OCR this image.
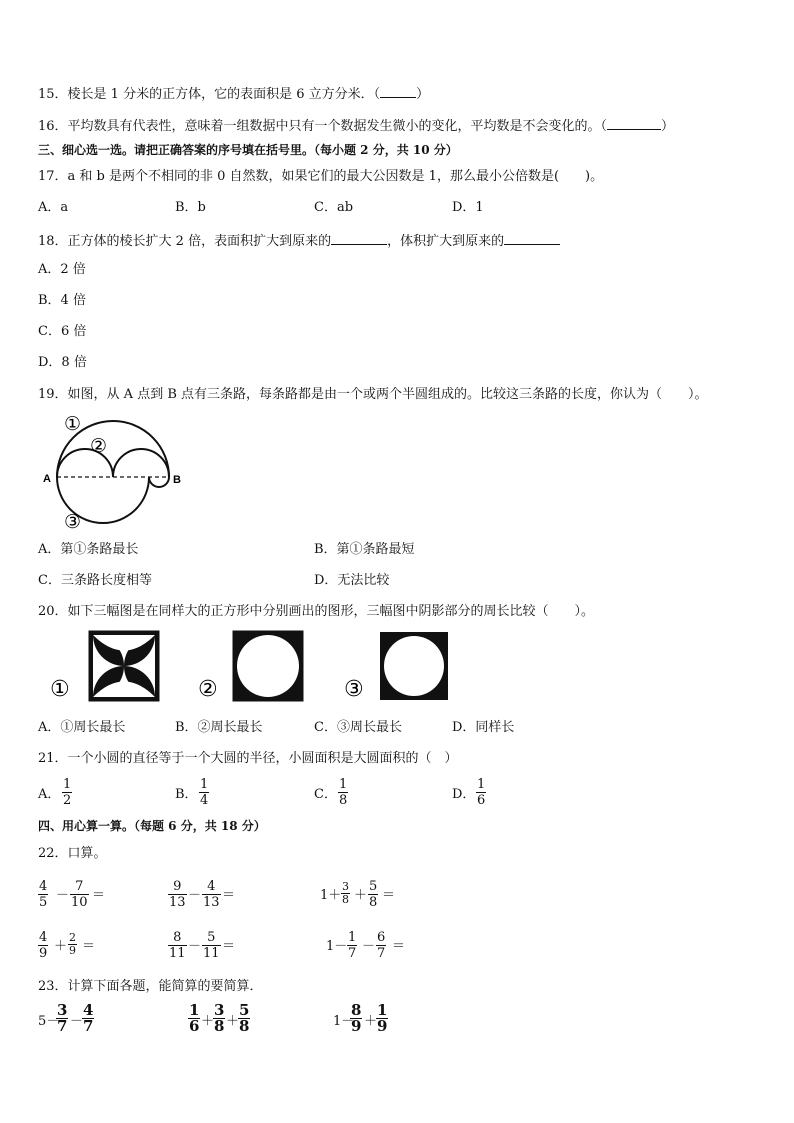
15．棱长是 1 分米的正方体，它的表面积是 6 立方分米．（	）
16．平均数具有代表性，意味着一组数据中只有一个数据发生微小的变化，平均数是不会变化的。（	）
三、细心选一选。请把正确答案的序号填在括号里。（每小题 2 分，共 10 分）
17．a 和 b 是两个不相同的非 0 自然数，如果它们的最大公因数是 1，那么最小公倍数是(　　)。
A．a	B．b	C．ab	D．1
18．正方体的棱长扩大 2 倍，表面积扩大到原来的	，体积扩大到原来的
A．2 倍
B．4 倍
C．6 倍
D．8 倍
19．如图，从 A 点到 B 点有三条路，每条路都是由一个或两个半圆组成的。比较这三条路的长度，你认为（　　）。
A	B
①
②
③
A．第①条路最长	B．第①条路最短
C．三条路长度相等	D．无法比较
20．如下三幅图是在同样大的正方形中分别画出的图形，三幅图中阴影部分的周长比较（　　）。
①	②	③
A．①周长最长	B．②周长最长	C．③周长最长	D．同样长
21．一个小圆的直径等于一个大圆的半径，小圆面积是大圆面积的（　）
A． $\frac{1}{2}$	B． $\frac{1}{4}$	C． $\frac{1}{8}$	D． $\frac{1}{6}$
四、用心算一算。（每题 6 分，共 18 分）
22．口算。
$\frac{4}{5} - \frac{7}{10}$ ＝	$\frac{9}{13} - \frac{4}{13}$ ＝	$1+ \frac{3}{8} + \frac{5}{8}$ ＝
$\frac{4}{9} + \frac{2}{9}$ ＝	$\frac{8}{11} - \frac{5}{11}$ ＝	$1- \frac{1}{7} - \frac{6}{7}$ ＝
23．计算下面各题，能简算的要简算．
5－
$\frac{3}{7}$ －
$\frac{4}{7}$	$\frac{1}{6}$ ＋
$\frac{3}{8}$ ＋
$\frac{5}{8}$	1－
$\frac{8}{9}$ ＋
$\frac{1}{9}$
